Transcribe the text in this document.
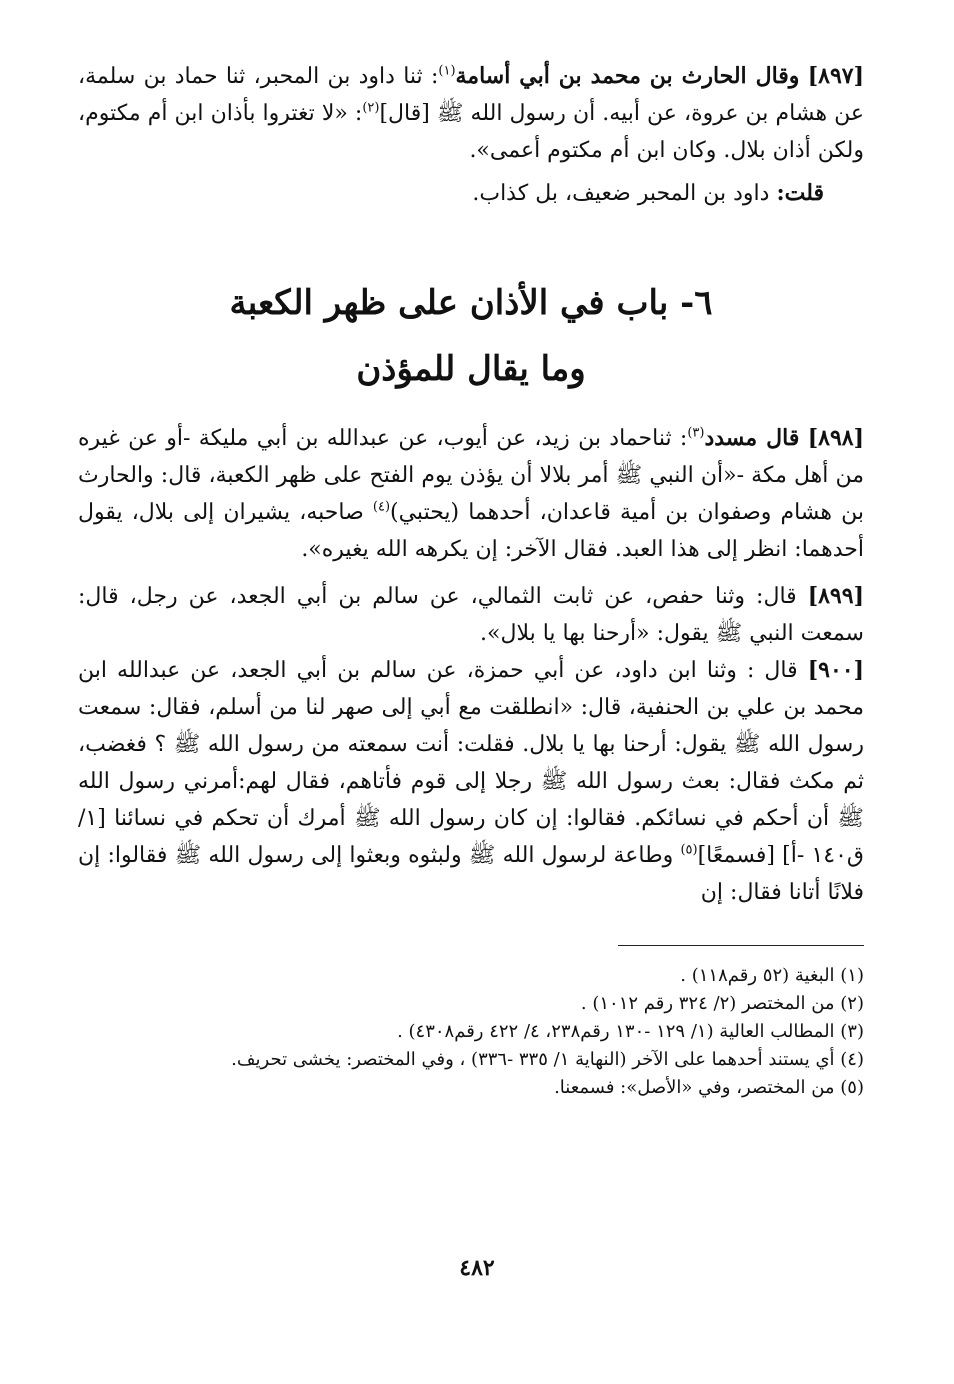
[٨٩٧] وقال الحارث بن محمد بن أبي أسامة$^{(١)}$: ثنا داود بن المحبر، ثنا حماد بن سلمة، عن هشام بن عروة، عن أبيه. أن رسول الله ﷺ [قال]$^{(٢)}$: «لا تغتروا بأذان ابن أم مكتوم، ولكن أذان بلال. وكان ابن أم مكتوم أعمى».

قلت: داود بن المحبر ضعيف، بل كذاب.

٦- باب في الأذان على ظهر الكعبة
وما يقال للمؤذن

[٨٩٨] قال مسدد$^{(٣)}$: ثناحماد بن زيد، عن أيوب، عن عبدالله بن أبي مليكة -أو عن غيره من أهل مكة -«أن النبي ﷺ أمر بلالا أن يؤذن يوم الفتح على ظهر الكعبة، قال: والحارث بن هشام وصفوان بن أمية قاعدان، أحدهما (يحتبي)$^{(٤)}$ صاحبه، يشيران إلى بلال، يقول أحدهما: انظر إلى هذا العبد. فقال الآخر: إن يكرهه الله يغيره».

[٨٩٩] قال: وثنا حفص، عن ثابت الثمالي، عن سالم بن أبي الجعد، عن رجل، قال: سمعت النبي ﷺ يقول: «أرحنا بها يا بلال».

[٩٠٠] قال : وثنا ابن داود، عن أبي حمزة، عن سالم بن أبي الجعد، عن عبدالله ابن محمد بن علي بن الحنفية، قال: «انطلقت مع أبي إلى صهر لنا من أسلم، فقال: سمعت رسول الله ﷺ يقول: أرحنا بها يا بلال. فقلت: أنت سمعته من رسول الله ﷺ ؟ فغضب، ثم مكث فقال: بعث رسول الله ﷺ رجلا إلى قوم فأتاهم، فقال لهم:أمرني رسول الله ﷺ أن أحكم في نسائكم. فقالوا: إن كان رسول الله ﷺ أمرك أن تحكم في نسائنا [١/ق١٤٠ -أ] [فسمعًا]$^{(٥)}$ وطاعة لرسول الله ﷺ ولبثوه وبعثوا إلى رسول الله ﷺ فقالوا: إن فلانًا أتانا فقال: إن

(١) البغية (٥٢ رقم١١٨) .
(٢) من المختصر (٢/ ٣٢٤ رقم ١٠١٢) .
(٣) المطالب العالية (١/ ١٢٩ -١٣٠ رقم٢٣٨، ٤/ ٤٢٢ رقم٤٣٠٨) .
(٤) أي يستند أحدهما على الآخر (النهاية ١/ ٣٣٥ -٣٣٦) ، وفي المختصر: يخشى تحريف.
(٥) من المختصر، وفي «الأصل»: فسمعنا.
٤٨٢
